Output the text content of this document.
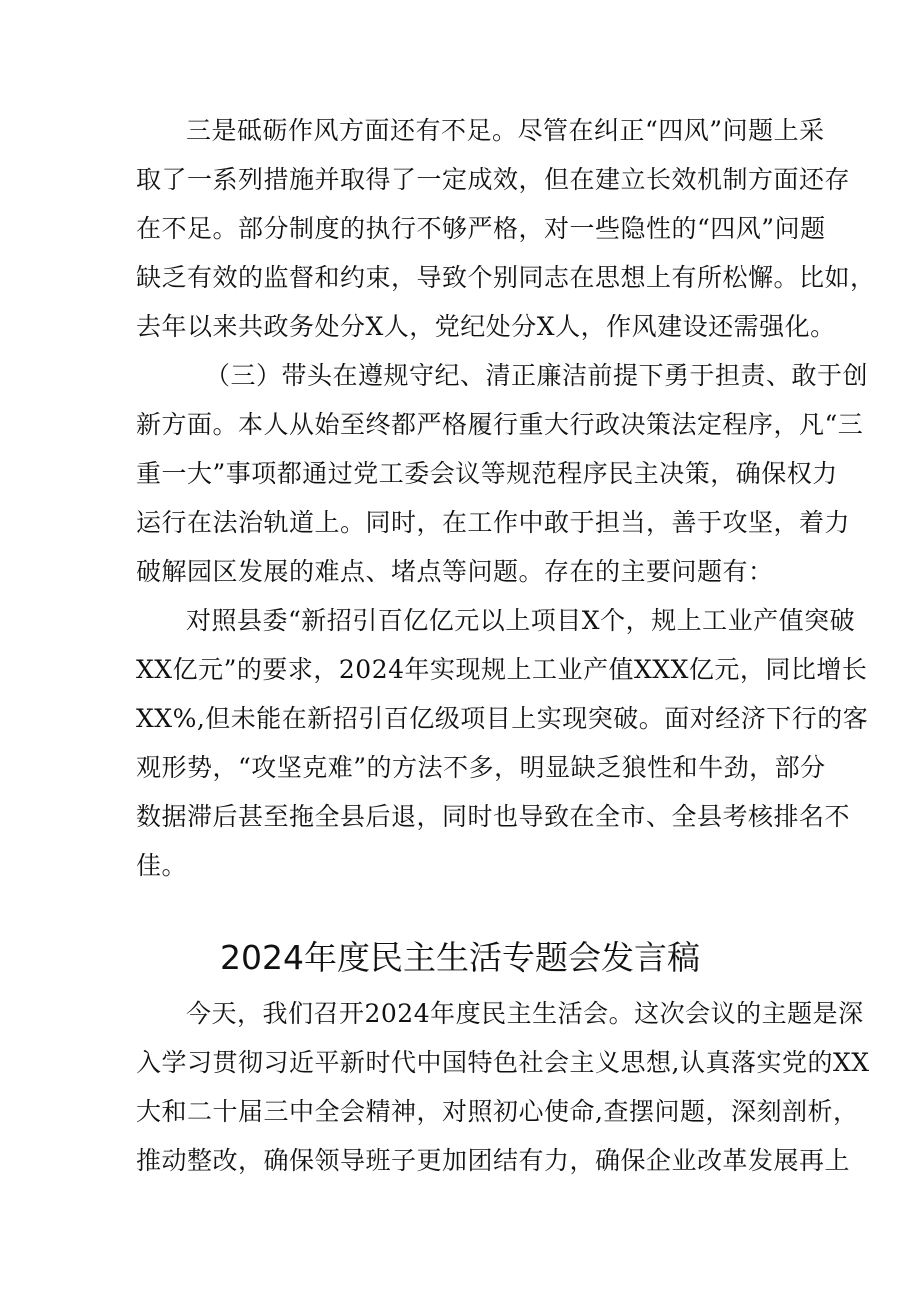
三是砥砺作风方面还有不足。尽管在纠正“四风”问题上采
取了一系列措施并取得了一定成效，但在建立长效机制方面还存
在不足。部分制度的执行不够严格，对一些隐性的“四风”问题
缺乏有效的监督和约束，导致个别同志在思想上有所松懈。比如，
去年以来共政务处分X人，党纪处分X人，作风建设还需强化。
（三）带头在遵规守纪、清正廉洁前提下勇于担责、敢于创
新方面。本人从始至终都严格履行重大行政决策法定程序，凡“三
重一大”事项都通过党工委会议等规范程序民主决策，确保权力
运行在法治轨道上。同时，在工作中敢于担当，善于攻坚，着力
破解园区发展的难点、堵点等问题。存在的主要问题有：
对照县委“新招引百亿亿元以上项目X个，规上工业产值突破
XX亿元”的要求，2024年实现规上工业产值XXX亿元，同比增长
XX%,但未能在新招引百亿级项目上实现突破。面对经济下行的客
观形势，“攻坚克难”的方法不多，明显缺乏狼性和牛劲，部分
数据滞后甚至拖全县后退，同时也导致在全市、全县考核排名不
佳。
2024年度民主生活专题会发言稿
今天，我们召开2024年度民主生活会。这次会议的主题是深
入学习贯彻习近平新时代中国特色社会主义思想,认真落实党的XX
大和二十届三中全会精神，对照初心使命,查摆问题，深刻剖析，
推动整改，确保领导班子更加团结有力，确保企业改革发展再上
